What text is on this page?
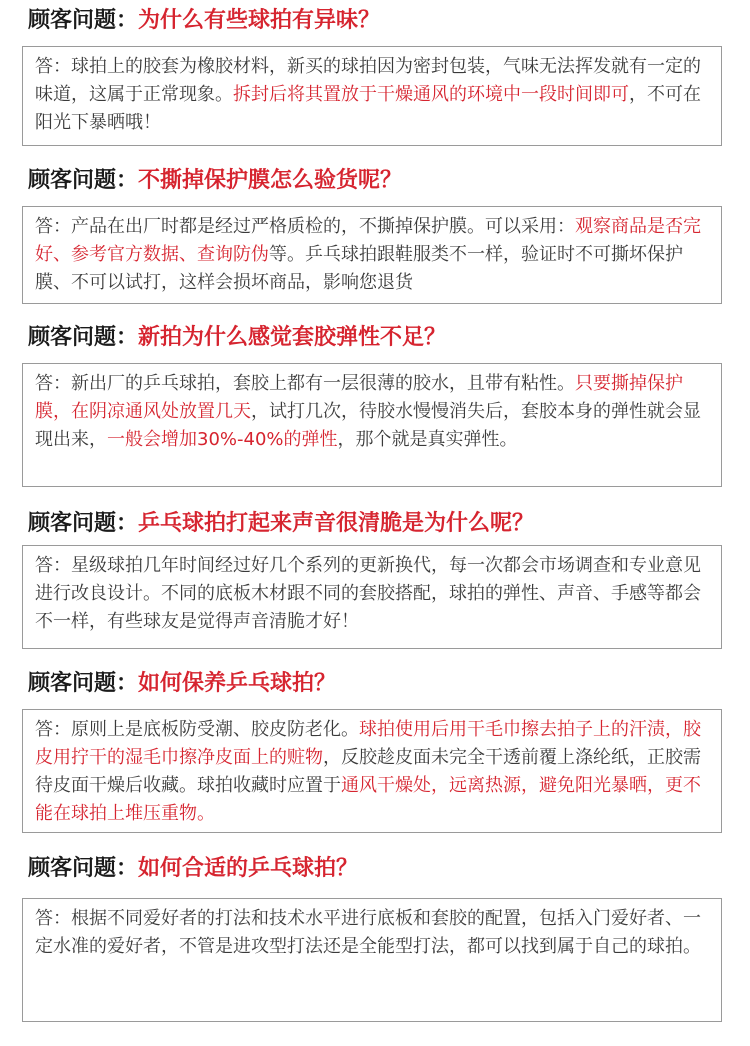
顾客问题：为什么有些球拍有异味？
答：球拍上的胶套为橡胶材料，新买的球拍因为密封包装，气味无法挥发就有一定的味道，这属于正常现象。拆封后将其置放于干燥通风的环境中一段时间即可，不可在阳光下暴晒哦！
顾客问题：不撕掉保护膜怎么验货呢？
答：产品在出厂时都是经过严格质检的，不撕掉保护膜。可以采用：观察商品是否完好、参考官方数据、查询防伪等。乒乓球拍跟鞋服类不一样，验证时不可撕坏保护膜、不可以试打，这样会损坏商品，影响您退货
顾客问题：新拍为什么感觉套胶弹性不足？
答：新出厂的乒乓球拍，套胶上都有一层很薄的胶水，且带有粘性。只要撕掉保护膜，在阴凉通风处放置几天，试打几次，待胶水慢慢消失后，套胶本身的弹性就会显现出来，一般会增加30%-40%的弹性，那个就是真实弹性。
顾客问题：乒乓球拍打起来声音很清脆是为什么呢？
答：星级球拍几年时间经过好几个系列的更新换代，每一次都会市场调查和专业意见进行改良设计。不同的底板木材跟不同的套胶搭配，球拍的弹性、声音、手感等都会不一样，有些球友是觉得声音清脆才好！
顾客问题：如何保养乒乓球拍？
答：原则上是底板防受潮、胶皮防老化。球拍使用后用干毛巾擦去拍子上的汗渍，胶皮用拧干的湿毛巾擦净皮面上的赃物，反胶趁皮面未完全干透前覆上涤纶纸，正胶需待皮面干燥后收藏。球拍收藏时应置于通风干燥处，远离热源，避免阳光暴晒，更不能在球拍上堆压重物。
顾客问题：如何合适的乒乓球拍？
答：根据不同爱好者的打法和技术水平进行底板和套胶的配置，包括入门爱好者、一定水准的爱好者，不管是进攻型打法还是全能型打法，都可以找到属于自己的球拍。
